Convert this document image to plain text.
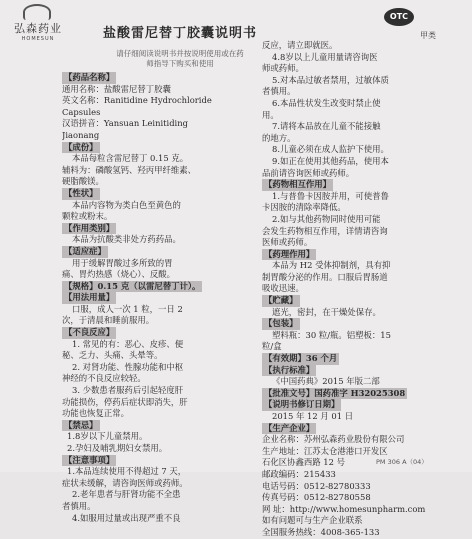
弘森药业
HOMESUN	盐酸雷尼替丁胶囊说明书
请仔细阅读说明书并按说明使用或在药
师指导下购买和使用
OTC
甲类
【药品名称】
通用名称：盐酸雷尼替丁胶囊
英文名称：Ranitidine Hydrochloride
Capsules
汉语拼音：Yansuan Leinitiding
Jiaonang
【成份】
本品每粒含雷尼替丁 0.15 克。
辅料为：磷酸氢钙、羟丙甲纤维素、
硬脂酸镁。
【性状】
本品内容物为类白色至黄色的
颗粒或粉末。
【作用类别】
本品为抗酸类非处方药药品。
【适应症】
用于缓解胃酸过多所致的胃
痛、胃灼热感（烧心）、反酸。
【规格】0.15 克（以雷尼替丁计）。
【用法用量】
口服，成人一次 1 粒，一日 2
次，于清晨和睡前服用。
【不良反应】
1. 常见的有：恶心、皮疹、便
秘、乏力、头痛、头晕等。
2. 对肾功能、性腺功能和中枢
神经的不良反应较轻。
3. 少数患者服药后引起轻度肝
功能损伤，停药后症状即消失，肝
功能也恢复正常。
【禁忌】
1.8岁以下儿童禁用。
2.孕妇及哺乳期妇女禁用。
【注意事项】
1.本品连续使用不得超过 7 天，
症状未缓解，请咨询医师或药师。
2.老年患者与肝肾功能不全患
者慎用。
4.如服用过量或出现严重不良
反应，请立即就医。
4.8岁以上儿童用量请咨询医
师或药师。
5.对本品过敏者禁用，过敏体质
者慎用。
6.本品性状发生改变时禁止使
用。
7.请将本品放在儿童不能接触
的地方。
8.儿童必须在成人监护下使用。
9.如正在使用其他药品，使用本
品前请咨询医师或药师。
【药物相互作用】
1.与普鲁卡因胺并用，可使普鲁
卡因胺的清除率降低。
2.如与其他药物同时使用可能
会发生药物相互作用，详情请咨询
医师或药师。
【药理作用】
本品为 H2 受体抑制剂，具有抑
制胃酸分泌的作用。口服后胃肠道
吸收迅速。
【贮藏】
遮光，密封，在干燥处保存。
【包装】
塑料瓶：30 粒/瓶。铝塑板：15
粒/盒
【有效期】36 个月
【执行标准】
《中国药典》2015 年版二部
【批准文号】国药准字 H32025308
【说明书修订日期】
2015 年 12 月 01 日
【生产企业】
企业名称：苏州弘森药业股份有限公司
生产地址：江苏太仓港港口开发区
石化区协鑫西路 12 号
邮政编码：215433
电话号码：0512-82780333
传真号码：0512-82780558
网 址：http://www.homesunpharm.com
如有问题可与生产企业联系
全国服务热线：4008-365-133
PM 306 A（04）
